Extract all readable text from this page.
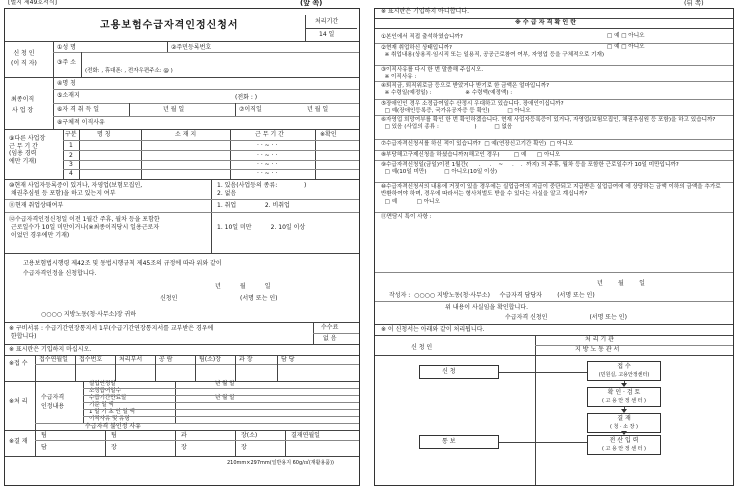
[별지 제49호서식]	(앞 쪽)
고용보험수급자격인정신청서	처리기간
14 일
신 청 인
(이 직 자)
①성 명	②주민등록번호
③주 소
(전화: , 휴대폰: , 전자우편주소: @ )
최종이직
사 업 장
④명 칭
⑤소재지	(전화 : )
⑥자 격 취 득 일	년 월 일	⑦이직일	년 월 일
⑧구체적 이직사유
⑨다른 사업장
근 무 기 간
(임용 경력
에만 기재)
구분	명 칭	소 재 지	근 무 기 간	※확인
1	· · ~ · ·
2	· · ~ · ·
3	· · ~ · ·
4	· · ~ · ·
⑩현재 사업자등록증이 있거나, 자영업(보험모집인,
채권추심원 등 포함)을 하고 있는지 여부
1. 있음(사업등의 종류:              )
2. 없음
⑪현재 취업상태여부	1. 취업               2. 비취업
⑫수급자격인정신청일 이전 1월간 주휴, 월차 등을 포함한
근로일수가 10일 미만이거나(※최종이직당시 일용근로자
이었던 경우에만 기재)
1. 10일 미만          2. 10일 이상
고용보험법시행령 제42조 및 동법시행규칙 제45조의 규정에 따라 위와 같이
수급자격인정을 신청합니다.
년          월          일
신청인	(서명 또는 인)
○○○○ 지방노동(청·사무소)장 귀하
※ 구비서류 : 수급기간연장통지서 1부(수급기간연장통지서를 교부받은 경우에
한합니다)
수수료
없 음
※ 표시란은 기입하지 마십시오.
※접 수
※처 리
수급자격
인정내용
수급자격 불인정 사유
※결 재
210mm×297mm(일반용지 60g/㎡(재활용품))
접수연월일 접수번호	처리부서	공 람	팀(소)장	과 장	담 당
실업인정일	년 월 일
소정급여일수
수급기간만료일	년 월 일
기준 일 액
1 일 기 초 인 일 액
이직사유 및 유형
팀	팀	과	장(소)	결재연월일
담	장	장	장
(뒤 쪽)
※ 표시란은 기입하지 아니합니다.
※ 수 급 자 격 확 인 란
년        월        일
작성자 :  ○○○○ 지방노동(청·사무소)     수급자격 담당자        (서명 또는 인)
위 내용이 사실임을 확인합니다.
수급자격 신청인                      (서명 또는 인)
※ 이 신청서는 아래와 같이 처리됩니다.
신 청 인
처 리 기 관
지 방 노 동 관 서
신 청
통 보
①본인에서 직접 출석하였습니까?	□ 예 □ 아니오
②현재 취업하신 상태입니까?
※ 취업내용(상용직·임시직 또는 일용직, 공공근로참여 여부, 자영업 등을 구체적으로 기재)
□ 예 □ 아니오
③이직사유를 다시 한 번 말씀해 주십시오.
※ 이직사유 :
④퇴직금, 퇴직위로금 등으로 받았거나 받기로 한 금액은 얼마입니까?
※ 수령일(예정일) :                   ※ 수령액(예정액) :
⑤장애인인 경우 소정급여일수 산정시 우대하고 있습니다. 장애인이십니까?
□ 예(장애인등록증, 국가유공자증 등 확인)          □ 아니오
⑥자영업 희망여부를 확인 한 번 확인하겠습니다. 현재 사업자등록증이 있거나, 자영업(보험모집인, 채권추심원 등 포함)을 하고 있습니까?
□ 있음 (사업의 종류 :                    )          □ 없음
⑦수급자격신청서를 하신 적이 있습니까?  □ 예(연장신고기간 확인)  □ 아니오
⑧부당해고구제신청을 하셨습니까?(해고인 경우)        □ 예      □ 아니오
⑨수급자격신청일(금일)이전 1월간(      .     .    ~     .    .  까지) 의 주휴, 월차 등을 포함한 근로일수가 10일 미만입니까?
□ 예(10일 미만)          □ 아니오(10일 이상)
⑩수급자격신청서의 내용에 거짓이 있을 경우에는 실업급여의 지급이 중단되고 지급받은 실업급여에 에 상당하는 금액 이하의 금액을 추가로 반환하여야 하며, 경우에 따라서는 형사처벌도 받을 수 있다는 사실을 알고 계십니까?
□ 예           □ 아니오
⑪면담시 특이 사항 :
접 수
(민원실, 고용안정센터)
확 인 · 검 토
( 고 용 안 정 센 터 )
결 재
( 청 · 소 장 )
전 산 입 력
( 고 용 안 정 센 터 )
